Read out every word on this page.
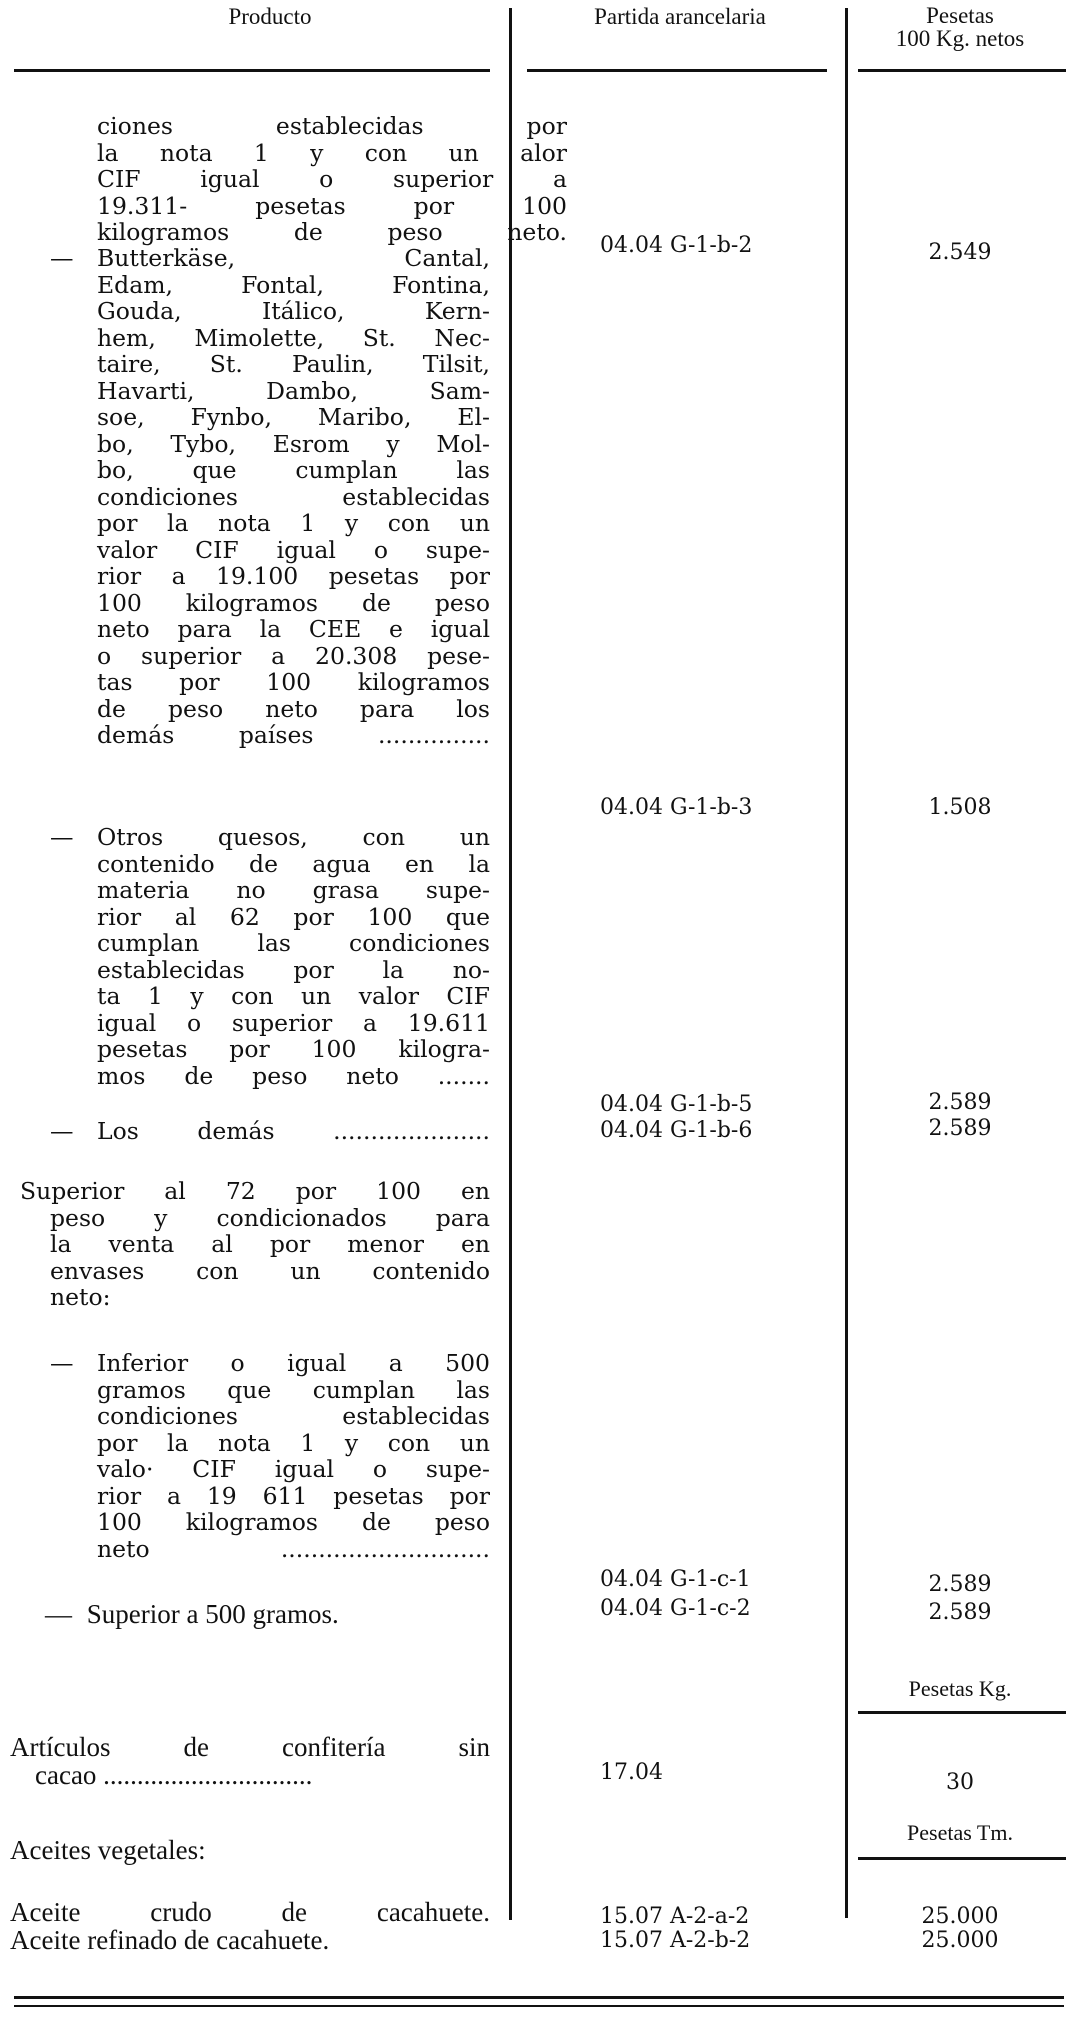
Producto	Partida arancelaria	Pesetas
100 Kg. netos
ciones establecidas por
la nota 1 y con un alor
CIF igual o superior a
19.311- pesetas por 100
kilogramos de peso neto. 04.04 G-1-b-2	2.549
— Butterkäse, Cantal,
Edam, Fontal, Fontina,
Gouda, Itálico, Kern-
hem, Mimolette, St. Nec-
taire, St. Paulin, Tilsit,
Havarti, Dambo, Sam-
soe, Fynbo, Maribo, El-
bo, Tybo, Esrom y Mol-
bo, que cumplan las
condiciones establecidas
por la nota 1 y con un
valor CIF igual o supe-
rior a 19.100 pesetas por
100 kilogramos de peso
neto para la CEE e igual
o superior a 20.308 pese-
tas por 100 kilogramos
de peso neto para los
demás países ...............
04.04 G-1-b-3	1.508
— Otros quesos, con un
contenido de agua en la
materia no grasa supe-
rior al 62 por 100 que
cumplan las condiciones
establecidas por la no-
ta 1 y con un valor CIF
igual o superior a 19.611
pesetas por 100 kilogra-
mos de peso neto .......
04.04 G-1-b-5	2.589
— Los demás .....................	04.04 G-1-b-6	2.589
Superior al 72 por 100 en
peso y condicionados para
la venta al por menor en
envases con un contenido
neto:
— Inferior o igual a 500
gramos que cumplan las
condiciones establecidas
por la nota 1 y con un
valo· CIF igual o supe-
rior a 19 611 pesetas por
100 kilogramos de peso
neto ............................
04.04 G-1-c-1	2.589
— Superior a 500 gramos.	04.04 G-1-c-2	2.589
Pesetas Kg.
Artículos de confitería sin
cacao ...............................	17.04	30
Pesetas Tm.
Aceites vegetales:
Aceite crudo de cacahuete.	15.07 A-2-a-2	25.000
Aceite refinado de cacahuete.	15.07 A-2-b-2	25.000
